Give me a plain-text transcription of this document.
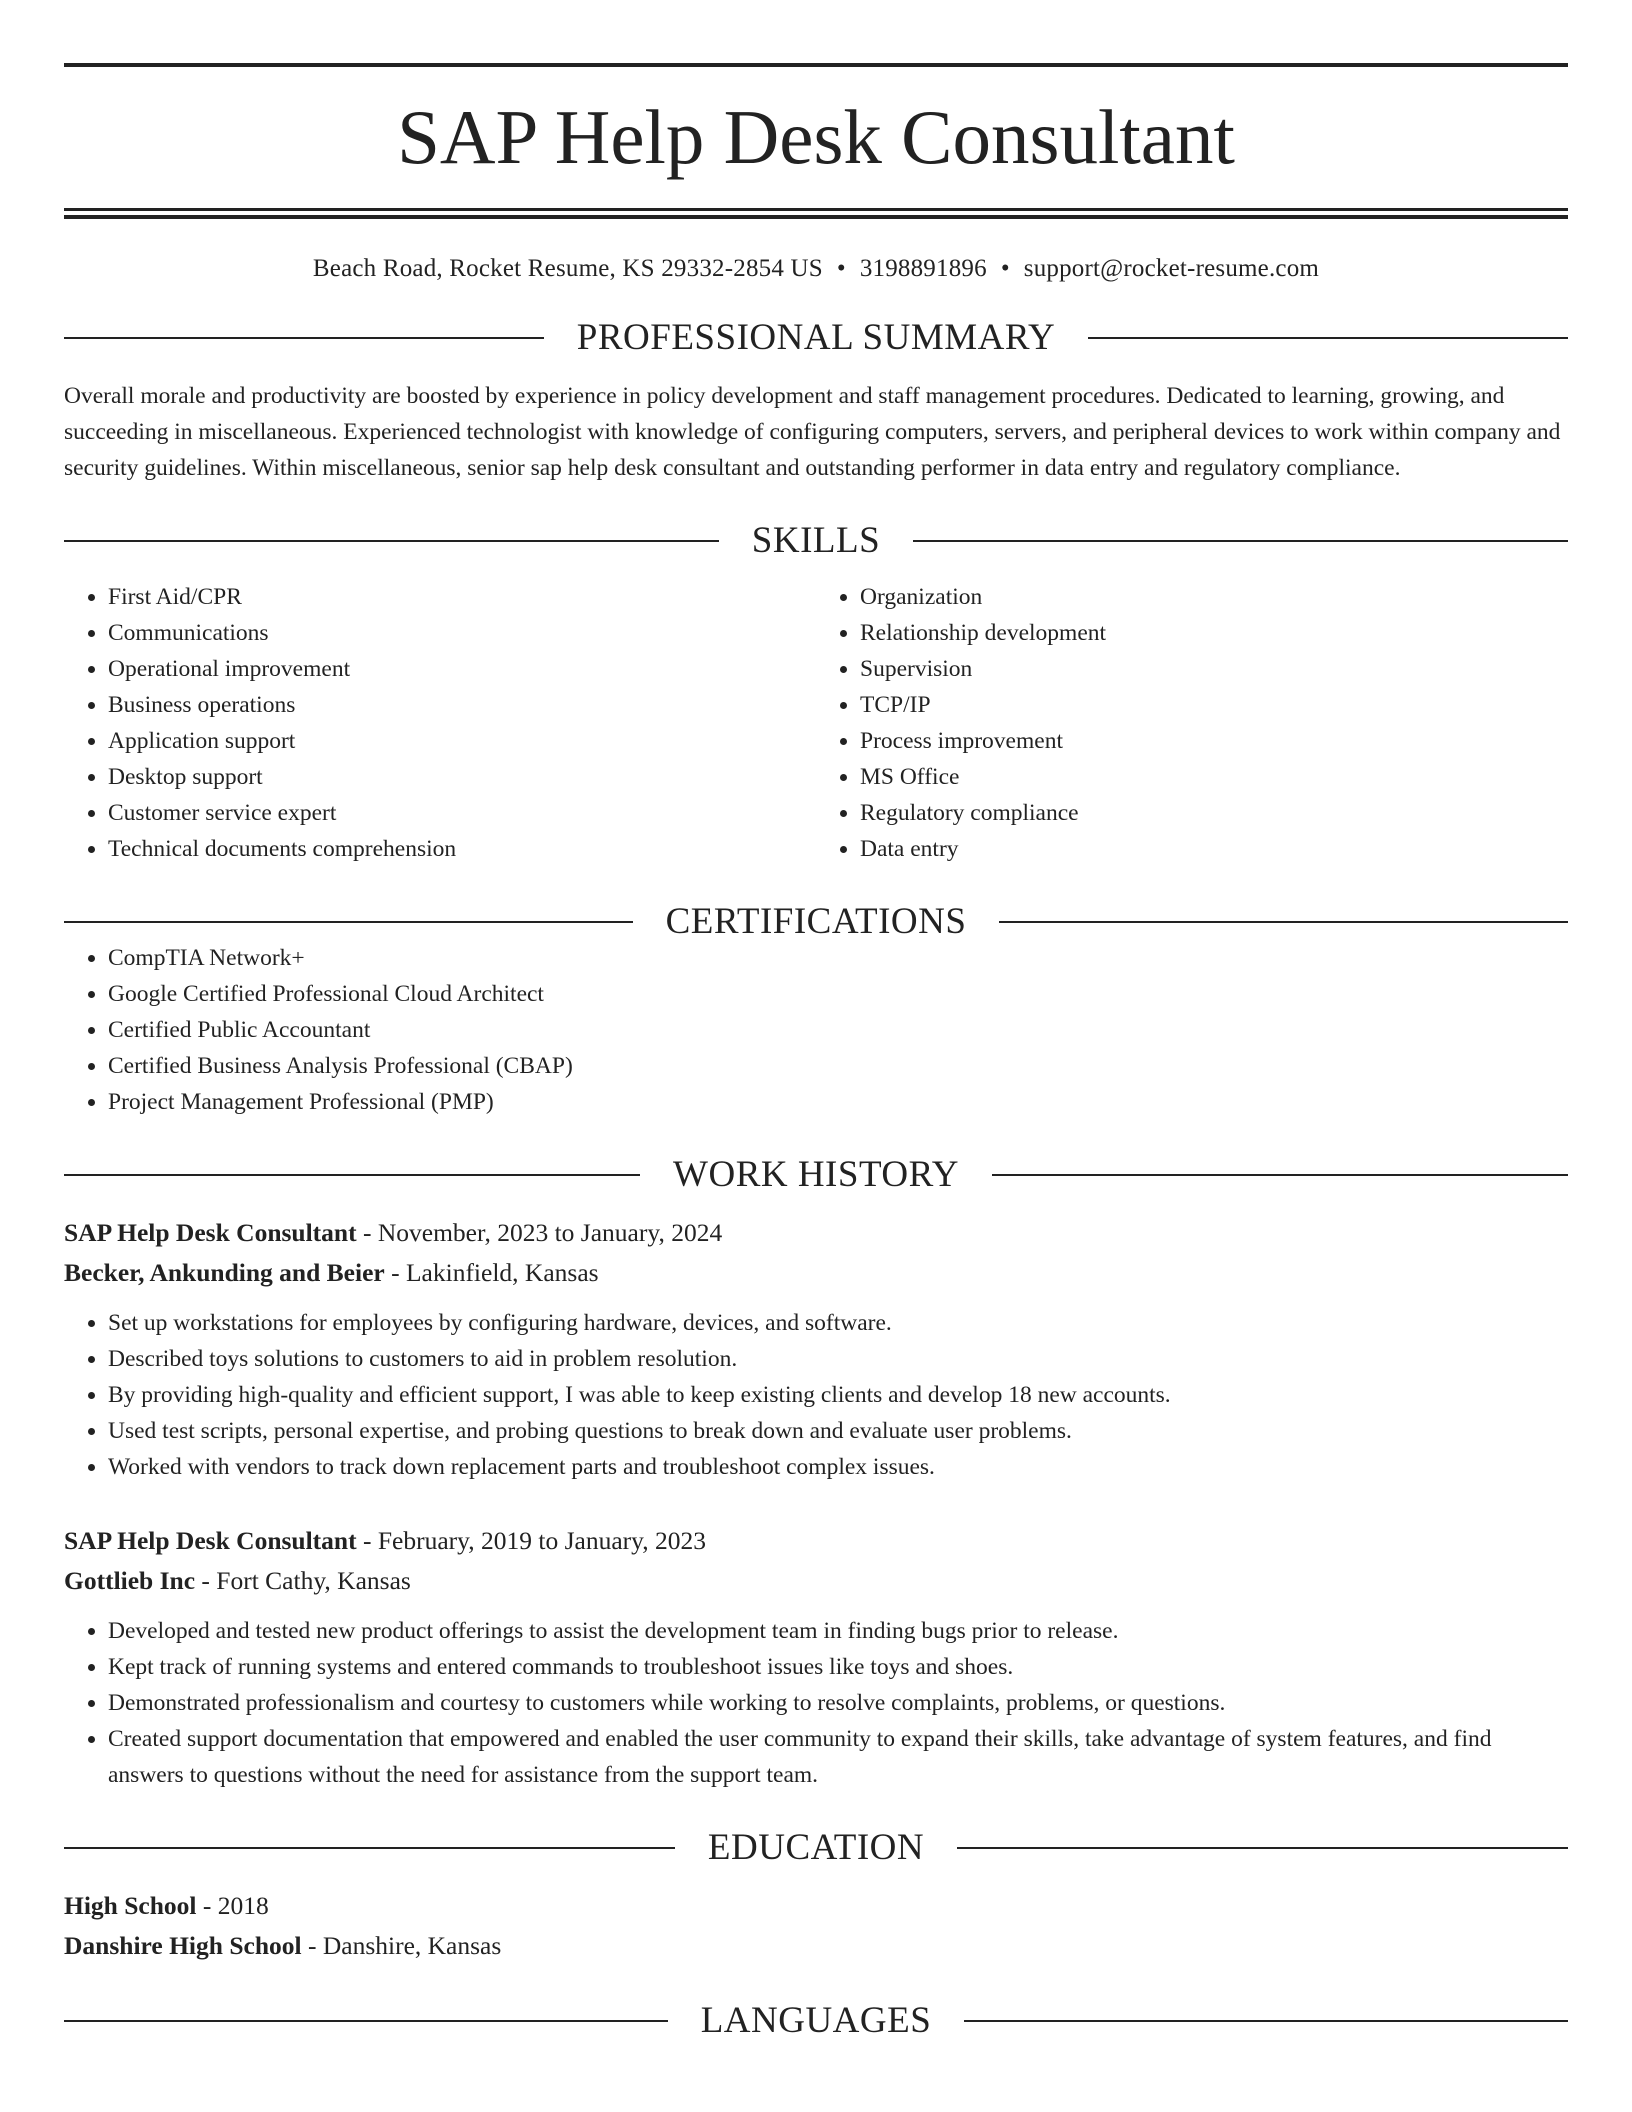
SAP Help Desk Consultant
Beach Road, Rocket Resume, KS 29332-2854 US • 3198891896 • support@rocket-resume.com
PROFESSIONAL SUMMARY

Overall morale and productivity are boosted by experience in policy development and staff management procedures. Dedicated to learning, growing, and succeeding in miscellaneous. Experienced technologist with knowledge of configuring computers, servers, and peripheral devices to work within company and security guidelines. Within miscellaneous, senior sap help desk consultant and outstanding performer in data entry and regulatory compliance.

SKILLS
• First Aid/CPR
• Communications
• Operational improvement
• Business operations
• Application support
• Desktop support
• Customer service expert
• Technical documents comprehension
• Organization
• Relationship development
• Supervision
• TCP/IP
• Process improvement
• MS Office
• Regulatory compliance
• Data entry
CERTIFICATIONS
• CompTIA Network+
• Google Certified Professional Cloud Architect
• Certified Public Accountant
• Certified Business Analysis Professional (CBAP)
• Project Management Professional (PMP)
WORK HISTORY
SAP Help Desk Consultant - November, 2023 to January, 2024
Becker, Ankunding and Beier - Lakinfield, Kansas
• Set up workstations for employees by configuring hardware, devices, and software.
• Described toys solutions to customers to aid in problem resolution.
• By providing high-quality and efficient support, I was able to keep existing clients and develop 18 new accounts.
• Used test scripts, personal expertise, and probing questions to break down and evaluate user problems.
• Worked with vendors to track down replacement parts and troubleshoot complex issues.
SAP Help Desk Consultant - February, 2019 to January, 2023
Gottlieb Inc - Fort Cathy, Kansas
• Developed and tested new product offerings to assist the development team in finding bugs prior to release.
• Kept track of running systems and entered commands to troubleshoot issues like toys and shoes.
• Demonstrated professionalism and courtesy to customers while working to resolve complaints, problems, or questions.
• Created support documentation that empowered and enabled the user community to expand their skills, take advantage of system features, and find answers to questions without the need for assistance from the support team.
EDUCATION
High School - 2018
Danshire High School - Danshire, Kansas
LANGUAGES
